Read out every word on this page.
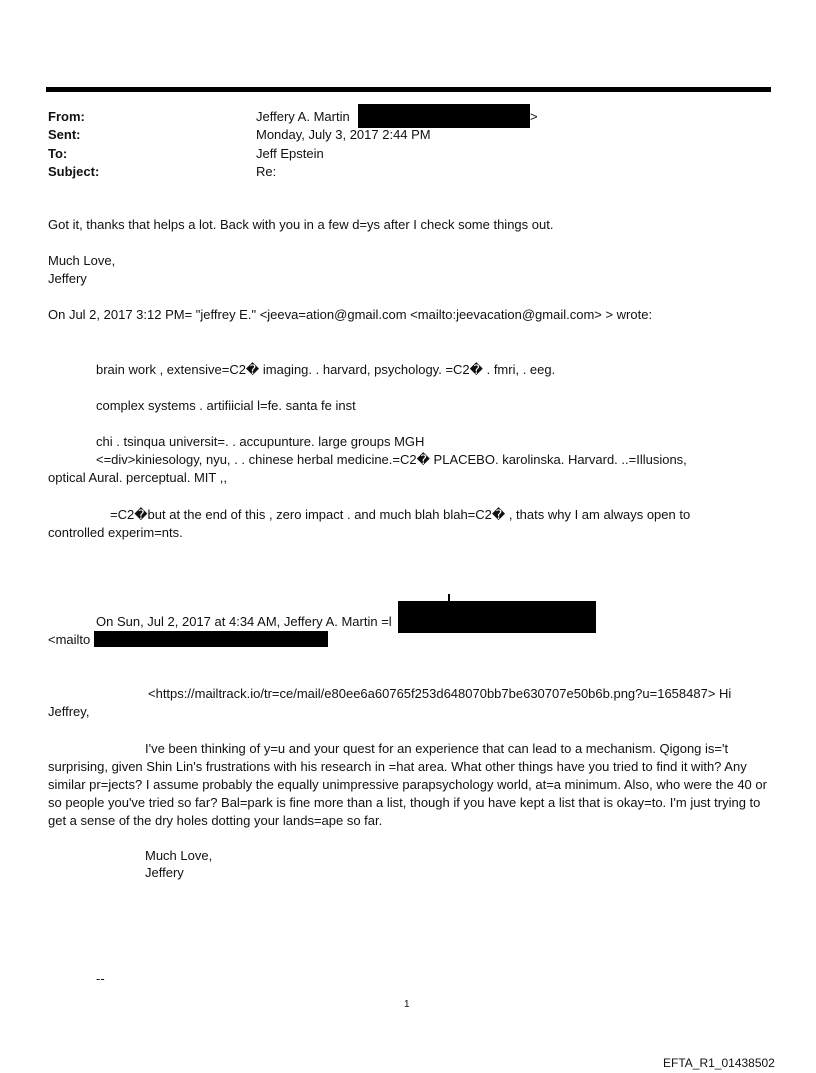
From:	Jeffery A. Martin	>
Sent:	Monday, July 3, 2017 2:44 PM
To:	Jeff Epstein
Subject:	Re:
Got it, thanks that helps a lot. Back with you in a few d=ys after I check some things out.
Much Love,
Jeffery
On Jul 2, 2017 3:12 PM= "jeffrey E." <jeeva=ation@gmail.com <mailto:jeevacation@gmail.com> > wrote:
brain work , extensive=C2� imaging. . harvard, psychology. =C2� . fmri, . eeg.
complex systems . artifiicial l=fe. santa fe inst
chi . tsinqua universit=. . accupunture. large groups MGH
<=div>kiniesology, nyu, . . chinese herbal medicine.=C2� PLACEBO. karolinska. Harvard. ..=Illusions,
optical Aural. perceptual. MIT ,,
=C2�but at the end of this , zero impact . and much blah blah=C2� , thats why I am always open to
controlled experim=nts.
On Sun, Jul 2, 2017 at 4:34 AM, Jeffery A. Martin =l
<mailto
<https://mailtrack.io/tr=ce/mail/e80ee6a60765f253d648070bb7be630707e50b6b.png?u=1658487> Hi
Jeffrey,
I've been thinking of y=u and your quest for an experience that can lead to a mechanism. Qigong is='t surprising, given Shin Lin's frustrations with his research in =hat area. What other things have you tried to find it with? Any similar pr=jects? I assume probably the equally unimpressive parapsychology world, at=a minimum. Also, who were the 40 or so people you've tried so far? Bal=park is fine more than a list, though if you have kept a list that is okay=to. I'm just trying to get a sense of the dry holes dotting your lands=ape so far.
Much Love,
Jeffery
--
1
EFTA_R1_01438502
